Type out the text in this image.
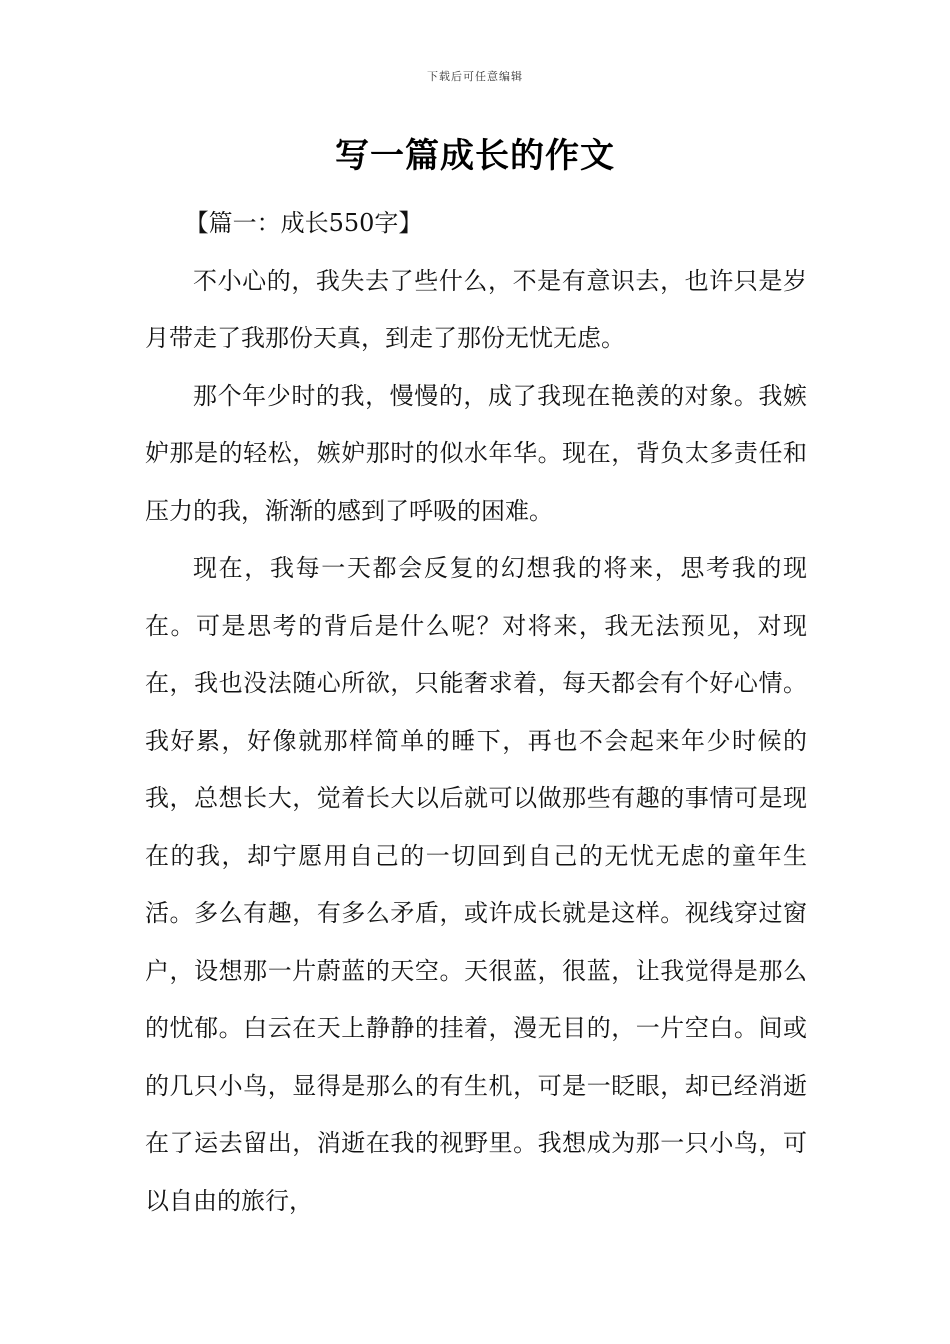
下载后可任意编辑
写一篇成长的作文

【篇一：成长550字】

不小心的，我失去了些什么，不是有意识去，也许只是岁月带走了我那份天真，到走了那份无忧无虑。

那个年少时的我，慢慢的，成了我现在艳羡的对象。我嫉妒那是的轻松，嫉妒那时的似水年华。现在，背负太多责任和压力的我，渐渐的感到了呼吸的困难。

现在，我每一天都会反复的幻想我的将来，思考我的现在。可是思考的背后是什么呢？对将来，我无法预见，对现在，我也没法随心所欲，只能奢求着，每天都会有个好心情。我好累，好像就那样简单的睡下，再也不会起来年少时候的我，总想长大，觉着长大以后就可以做那些有趣的事情可是现在的我，却宁愿用自己的一切回到自己的无忧无虑的童年生活。多么有趣，有多么矛盾，或许成长就是这样。视线穿过窗户，设想那一片蔚蓝的天空。天很蓝，很蓝，让我觉得是那么的忧郁。白云在天上静静的挂着，漫无目的，一片空白。间或的几只小鸟，显得是那么的有生机，可是一眨眼，却已经消逝在了运去留出，消逝在我的视野里。我想成为那一只小鸟，可以自由的旅行，
